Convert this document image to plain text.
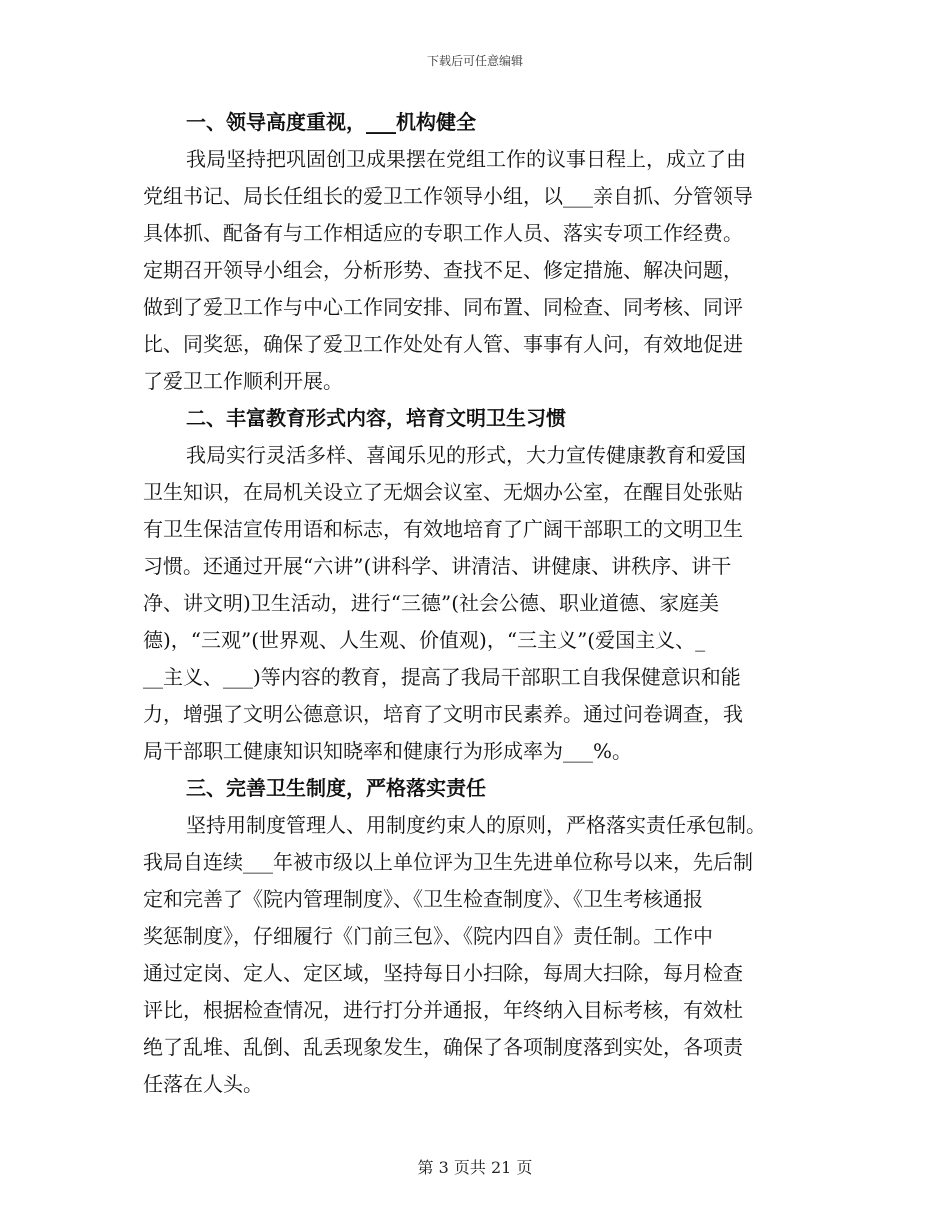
下载后可任意编辑
一、领导高度重视，___机构健全
我局坚持把巩固创卫成果摆在党组工作的议事日程上，成立了由
党组书记、局长任组长的爱卫工作领导小组，以___亲自抓、分管领导
具体抓、配备有与工作相适应的专职工作人员、落实专项工作经费。
定期召开领导小组会，分析形势、查找不足、修定措施、解决问题，
做到了爱卫工作与中心工作同安排、同布置、同检查、同考核、同评
比、同奖惩，确保了爱卫工作处处有人管、事事有人问，有效地促进
了爱卫工作顺利开展。
二、丰富教育形式内容，培育文明卫生习惯
我局实行灵活多样、喜闻乐见的形式，大力宣传健康教育和爱国
卫生知识，在局机关设立了无烟会议室、无烟办公室，在醒目处张贴
有卫生保洁宣传用语和标志，有效地培育了广阔干部职工的文明卫生
习惯。还通过开展“六讲”(讲科学、讲清洁、讲健康、讲秩序、讲干
净、讲文明)卫生活动，进行“三德”(社会公德、职业道德、家庭美
德)，“三观”(世界观、人生观、价值观)，“三主义”(爱国主义、_
__主义、___)等内容的教育，提高了我局干部职工自我保健意识和能
力，增强了文明公德意识，培育了文明市民素养。通过问卷调查，我
局干部职工健康知识知晓率和健康行为形成率为___%。
三、完善卫生制度，严格落实责任
坚持用制度管理人、用制度约束人的原则，严格落实责任承包制。
我局自连续___年被市级以上单位评为卫生先进单位称号以来，先后制
定和完善了《院内管理制度》、《卫生检查制度》、《卫生考核通报
奖惩制度》，仔细履行《门前三包》、《院内四自》责任制。工作中
通过定岗、定人、定区域，坚持每日小扫除，每周大扫除，每月检查
评比，根据检查情况，进行打分并通报，年终纳入目标考核，有效杜
绝了乱堆、乱倒、乱丢现象发生，确保了各项制度落到实处，各项责
任落在人头。
第 3 页共 21 页
